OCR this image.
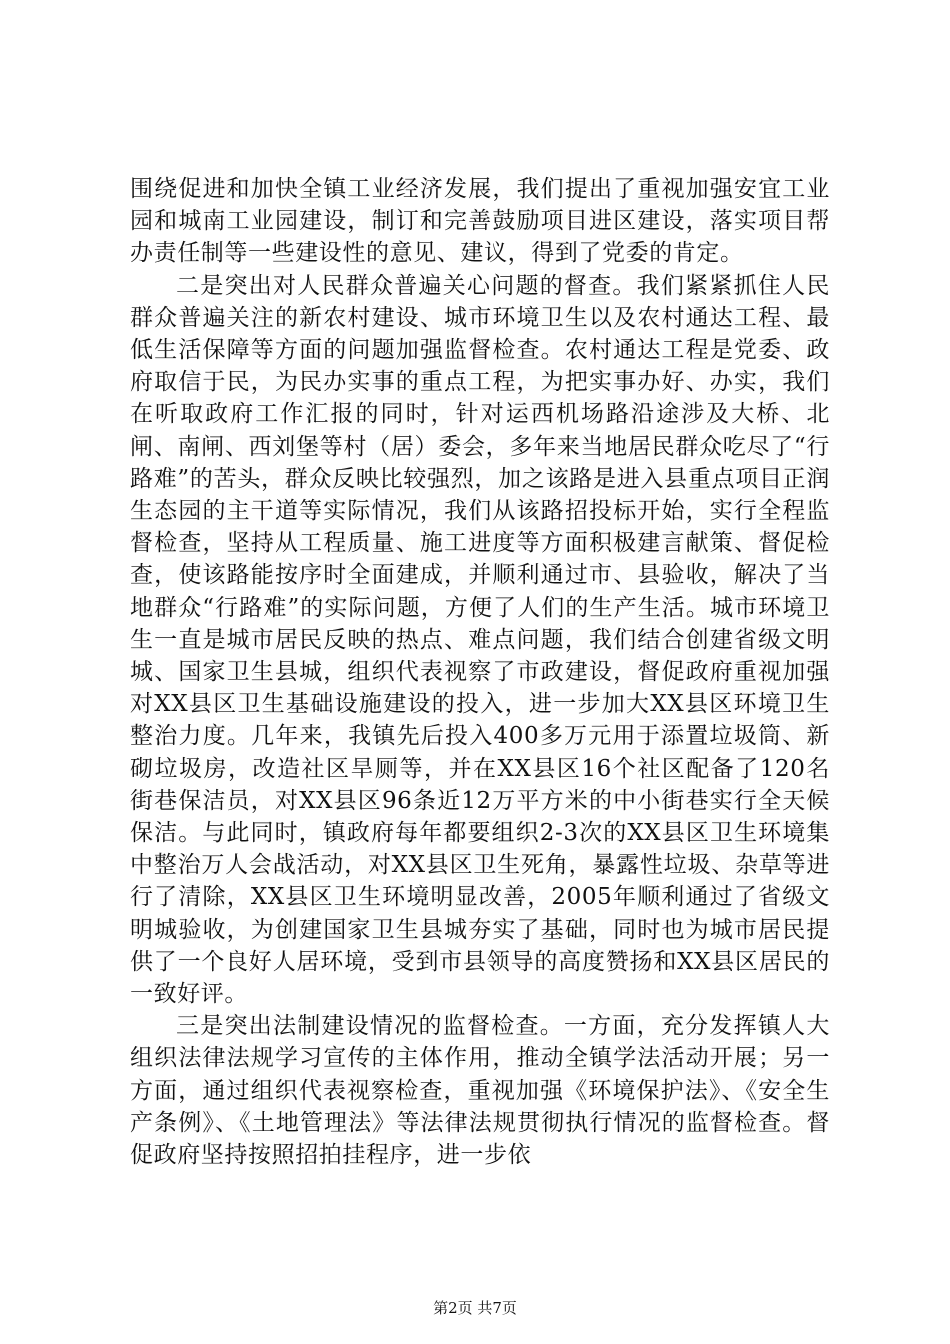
围绕促进和加快全镇工业经济发展，我们提出了重视加强安宜工业园和城南工业园建设，制订和完善鼓励项目进区建设，落实项目帮办责任制等一些建设性的意见、建议，得到了党委的肯定。

二是突出对人民群众普遍关心问题的督查。我们紧紧抓住人民群众普遍关注的新农村建设、城市环境卫生以及农村通达工程、最低生活保障等方面的问题加强监督检查。农村通达工程是党委、政府取信于民，为民办实事的重点工程，为把实事办好、办实，我们在听取政府工作汇报的同时，针对运西机场路沿途涉及大桥、北闸、南闸、西刘堡等村（居）委会，多年来当地居民群众吃尽了“行路难”的苦头，群众反映比较强烈，加之该路是进入县重点项目正润生态园的主干道等实际情况，我们从该路招投标开始，实行全程监督检查，坚持从工程质量、施工进度等方面积极建言献策、督促检查，使该路能按序时全面建成，并顺利通过市、县验收，解决了当地群众“行路难”的实际问题，方便了人们的生产生活。城市环境卫生一直是城市居民反映的热点、难点问题，我们结合创建省级文明城、国家卫生县城，组织代表视察了市政建设，督促政府重视加强对XX县区卫生基础设施建设的投入，进一步加大XX县区环境卫生整治力度。几年来，我镇先后投入400多万元用于添置垃圾筒、新砌垃圾房，改造社区旱厕等，并在XX县区16个社区配备了120名街巷保洁员，对XX县区96条近12万平方米的中小街巷实行全天候保洁。与此同时，镇政府每年都要组织2-3次的XX县区卫生环境集中整治万人会战活动，对XX县区卫生死角，暴露性垃圾、杂草等进行了清除，XX县区卫生环境明显改善，2005年顺利通过了省级文明城验收，为创建国家卫生县城夯实了基础，同时也为城市居民提供了一个良好人居环境，受到市县领导的高度赞扬和XX县区居民的一致好评。

三是突出法制建设情况的监督检查。一方面，充分发挥镇人大组织法律法规学习宣传的主体作用，推动全镇学法活动开展；另一方面，通过组织代表视察检查，重视加强《环境保护法》、《安全生产条例》、《土地管理法》等法律法规贯彻执行情况的监督检查。督促政府坚持按照招拍挂程序，进一步依

第2页 共7页
